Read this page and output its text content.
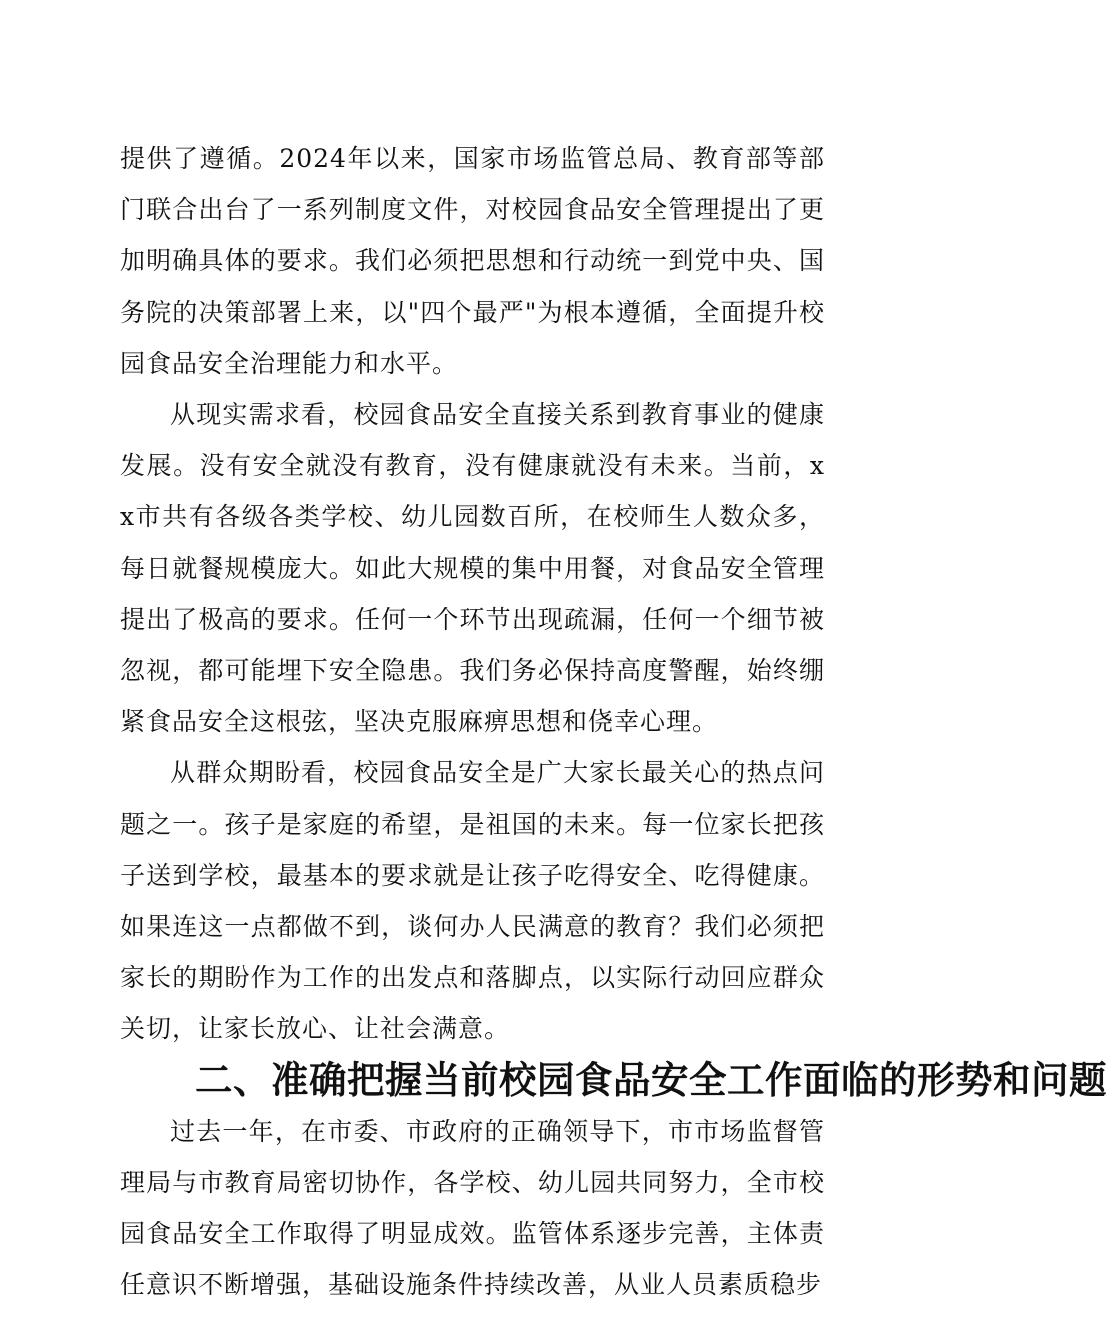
提供了遵循。2024年以来，国家市场监管总局、教育部等部门联合出台了一系列制度文件，对校园食品安全管理提出了更加明确具体的要求。我们必须把思想和行动统一到党中央、国务院的决策部署上来，以"四个最严"为根本遵循，全面提升校园食品安全治理能力和水平。

从现实需求看，校园食品安全直接关系到教育事业的健康发展。没有安全就没有教育，没有健康就没有未来。当前，xx市共有各级各类学校、幼儿园数百所，在校师生人数众多，每日就餐规模庞大。如此大规模的集中用餐，对食品安全管理提出了极高的要求。任何一个环节出现疏漏，任何一个细节被忽视，都可能埋下安全隐患。我们务必保持高度警醒，始终绷紧食品安全这根弦，坚决克服麻痹思想和侥幸心理。

从群众期盼看，校园食品安全是广大家长最关心的热点问题之一。孩子是家庭的希望，是祖国的未来。每一位家长把孩子送到学校，最基本的要求就是让孩子吃得安全、吃得健康。如果连这一点都做不到，谈何办人民满意的教育？我们必须把家长的期盼作为工作的出发点和落脚点，以实际行动回应群众关切，让家长放心、让社会满意。

二、准确把握当前校园食品安全工作面临的形势和问题

过去一年，在市委、市政府的正确领导下，市市场监督管理局与市教育局密切协作，各学校、幼儿园共同努力，全市校园食品安全工作取得了明显成效。监管体系逐步完善，主体责任意识不断增强，基础设施条件持续改善，从业人员素质稳步
